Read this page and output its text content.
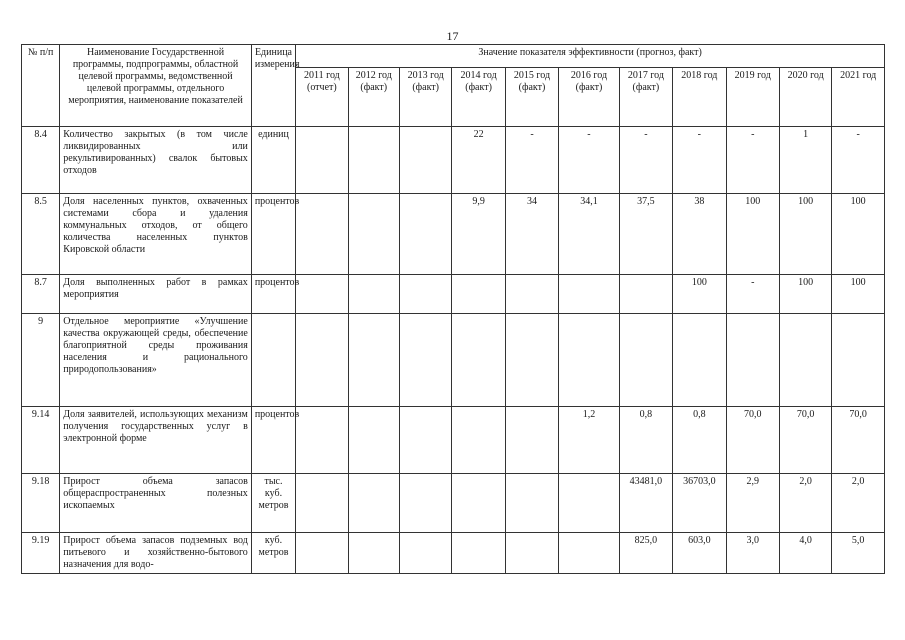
17
№ п/п	Наименование Государственной программы, подпрограммы, областной целевой программы, ведомственной целевой программы, отдельного мероприятия, наименование показателей	Единица измерения	Значение показателя эффективности (прогноз, факт)										
			2011 год (отчет)	2012 год (факт)	2013 год (факт)	2014 год (факт)	2015 год (факт)	2016 год (факт)	2017 год (факт)	2018 год	2019 год	2020 год	2021 год
8.4	Количество закрытых (в том числе ликвидированных или рекультивированных) свалок бытовых отходов	единиц				22	-	-	-	-	-	1	-
8.5	Доля населенных пунктов, охваченных системами сбора и удаления коммунальных отходов, от общего количества населенных пунктов Кировской области	процентов				9,9	34	34,1	37,5	38	100	100	100
8.7	Доля выполненных работ в рамках мероприятия	процентов								100	-	100	100
9	Отдельное мероприятие «Улучшение качества окружающей среды, обеспечение благоприятной среды проживания населения и рационального природопользования»												
9.14	Доля заявителей, использующих механизм получения государственных услуг в электронной форме	процентов						1,2	0,8	0,8	70,0	70,0	70,0
9.18	Прирост объема запасов общераспространенных полезных ископаемых	тыс. куб. метров							43481,0	36703,0	2,9	2,0	2,0
9.19	Прирост объема запасов подземных вод питьевого и хозяйственно-бытового назначения для водо-	куб. метров							825,0	603,0	3,0	4,0	5,0
